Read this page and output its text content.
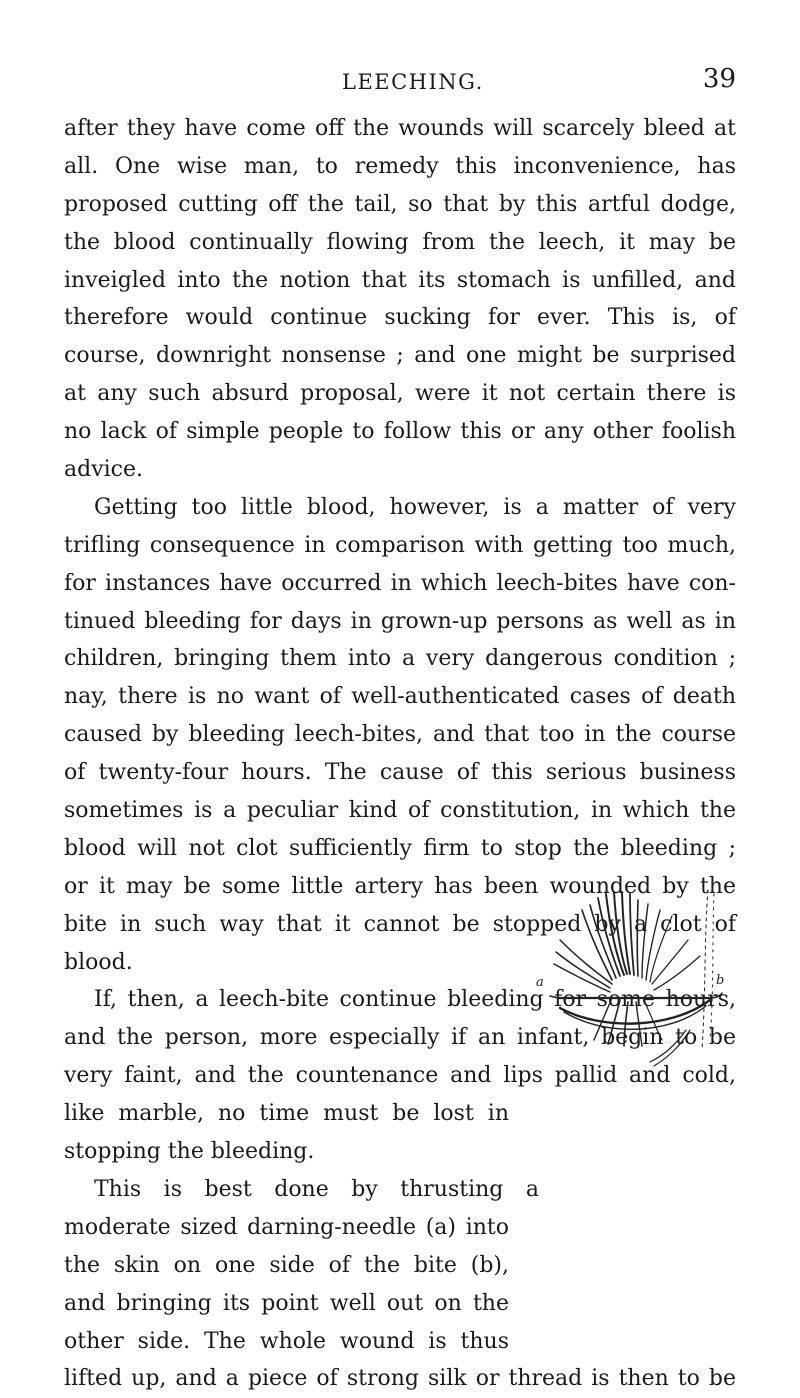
LEECHING.	39
after they have come off the wounds will scarcely bleed at
all. One wise man, to remedy this inconvenience, has
proposed cutting off the tail, so that by this artful dodge,
the blood continually flowing from the leech, it may be
inveigled into the notion that its stomach is unfilled, and
therefore would continue sucking for ever. This is, of
course, downright nonsense ; and one might be surprised
at any such absurd proposal, were it not certain there is
no lack of simple people to follow this or any other foolish
advice.
Getting too little blood, however, is a matter of very
trifling consequence in comparison with getting too much,
for instances have occurred in which leech-bites have con-
tinued bleeding for days in grown-up persons as well as in
children, bringing them into a very dangerous condition ;
nay, there is no want of well-authenticated cases of death
caused by bleeding leech-bites, and that too in the course
of twenty-four hours. The cause of this serious business
sometimes is a peculiar kind of constitution, in which the
blood will not clot sufficiently firm to stop the bleeding ;
or it may be some little artery has been wounded by the
bite in such way that it cannot be stopped by a clot of
blood.
If, then, a leech-bite continue bleeding for some hours,
and the person, more especially if an infant, begin to be
very faint, and the countenance and lips pallid and cold,
like marble, no time must be lost in
stopping the bleeding.
This is best done by thrusting a
moderate sized darning-needle (a) into
the skin on one side of the bite (b),
and bringing its point well out on the
other side. The whole wound is thus
lifted up, and a piece of strong silk or thread is then to be
a	b
